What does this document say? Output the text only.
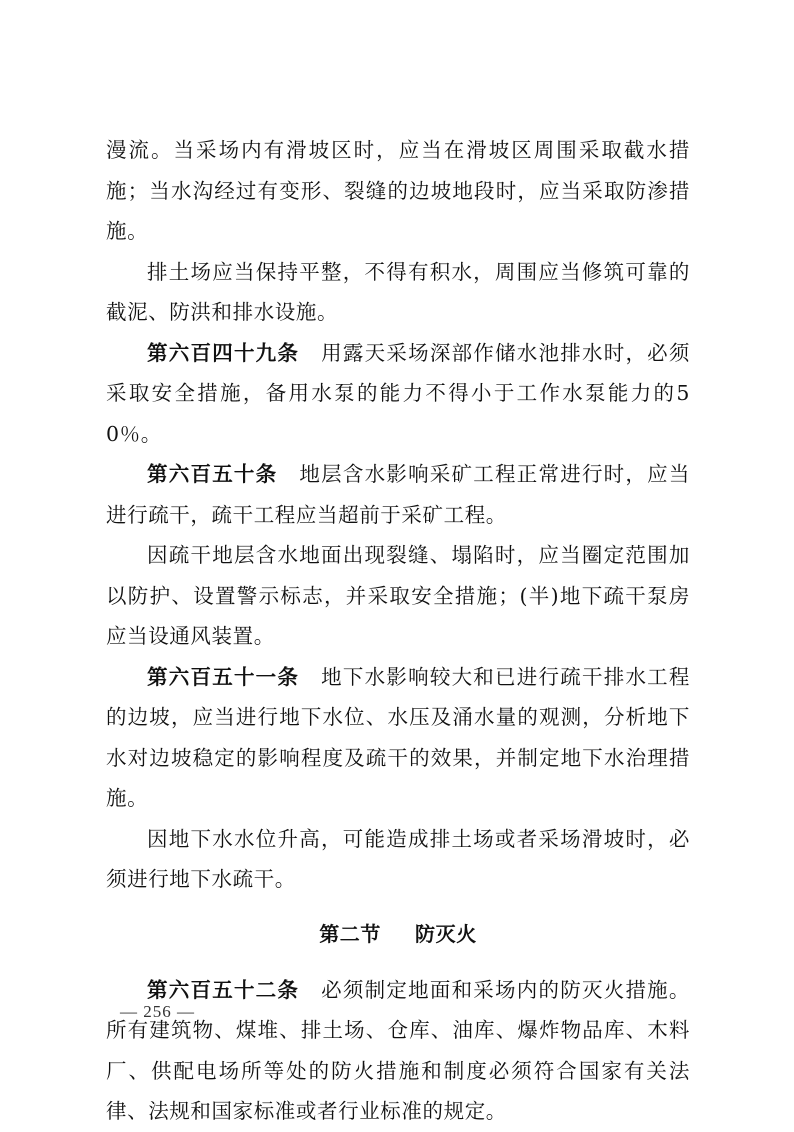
漫流。当采场内有滑坡区时，应当在滑坡区周围采取截水措施；当水沟经过有变形、裂缝的边坡地段时，应当采取防渗措施。

排土场应当保持平整，不得有积水，周围应当修筑可靠的截泥、防洪和排水设施。

第六百四十九条 用露天采场深部作储水池排水时，必须采取安全措施，备用水泵的能力不得小于工作水泵能力的50％。

第六百五十条 地层含水影响采矿工程正常进行时，应当进行疏干，疏干工程应当超前于采矿工程。

因疏干地层含水地面出现裂缝、塌陷时，应当圈定范围加以防护、设置警示标志，并采取安全措施；(半)地下疏干泵房应当设通风装置。

第六百五十一条 地下水影响较大和已进行疏干排水工程的边坡，应当进行地下水位、水压及涌水量的观测，分析地下水对边坡稳定的影响程度及疏干的效果，并制定地下水治理措施。

因地下水水位升高，可能造成排土场或者采场滑坡时，必须进行地下水疏干。

第二节 防灭火

第六百五十二条 必须制定地面和采场内的防灭火措施。所有建筑物、煤堆、排土场、仓库、油库、爆炸物品库、木料厂、供配电场所等处的防火措施和制度必须符合国家有关法律、法规和国家标准或者行业标准的规定。

— 256 —
